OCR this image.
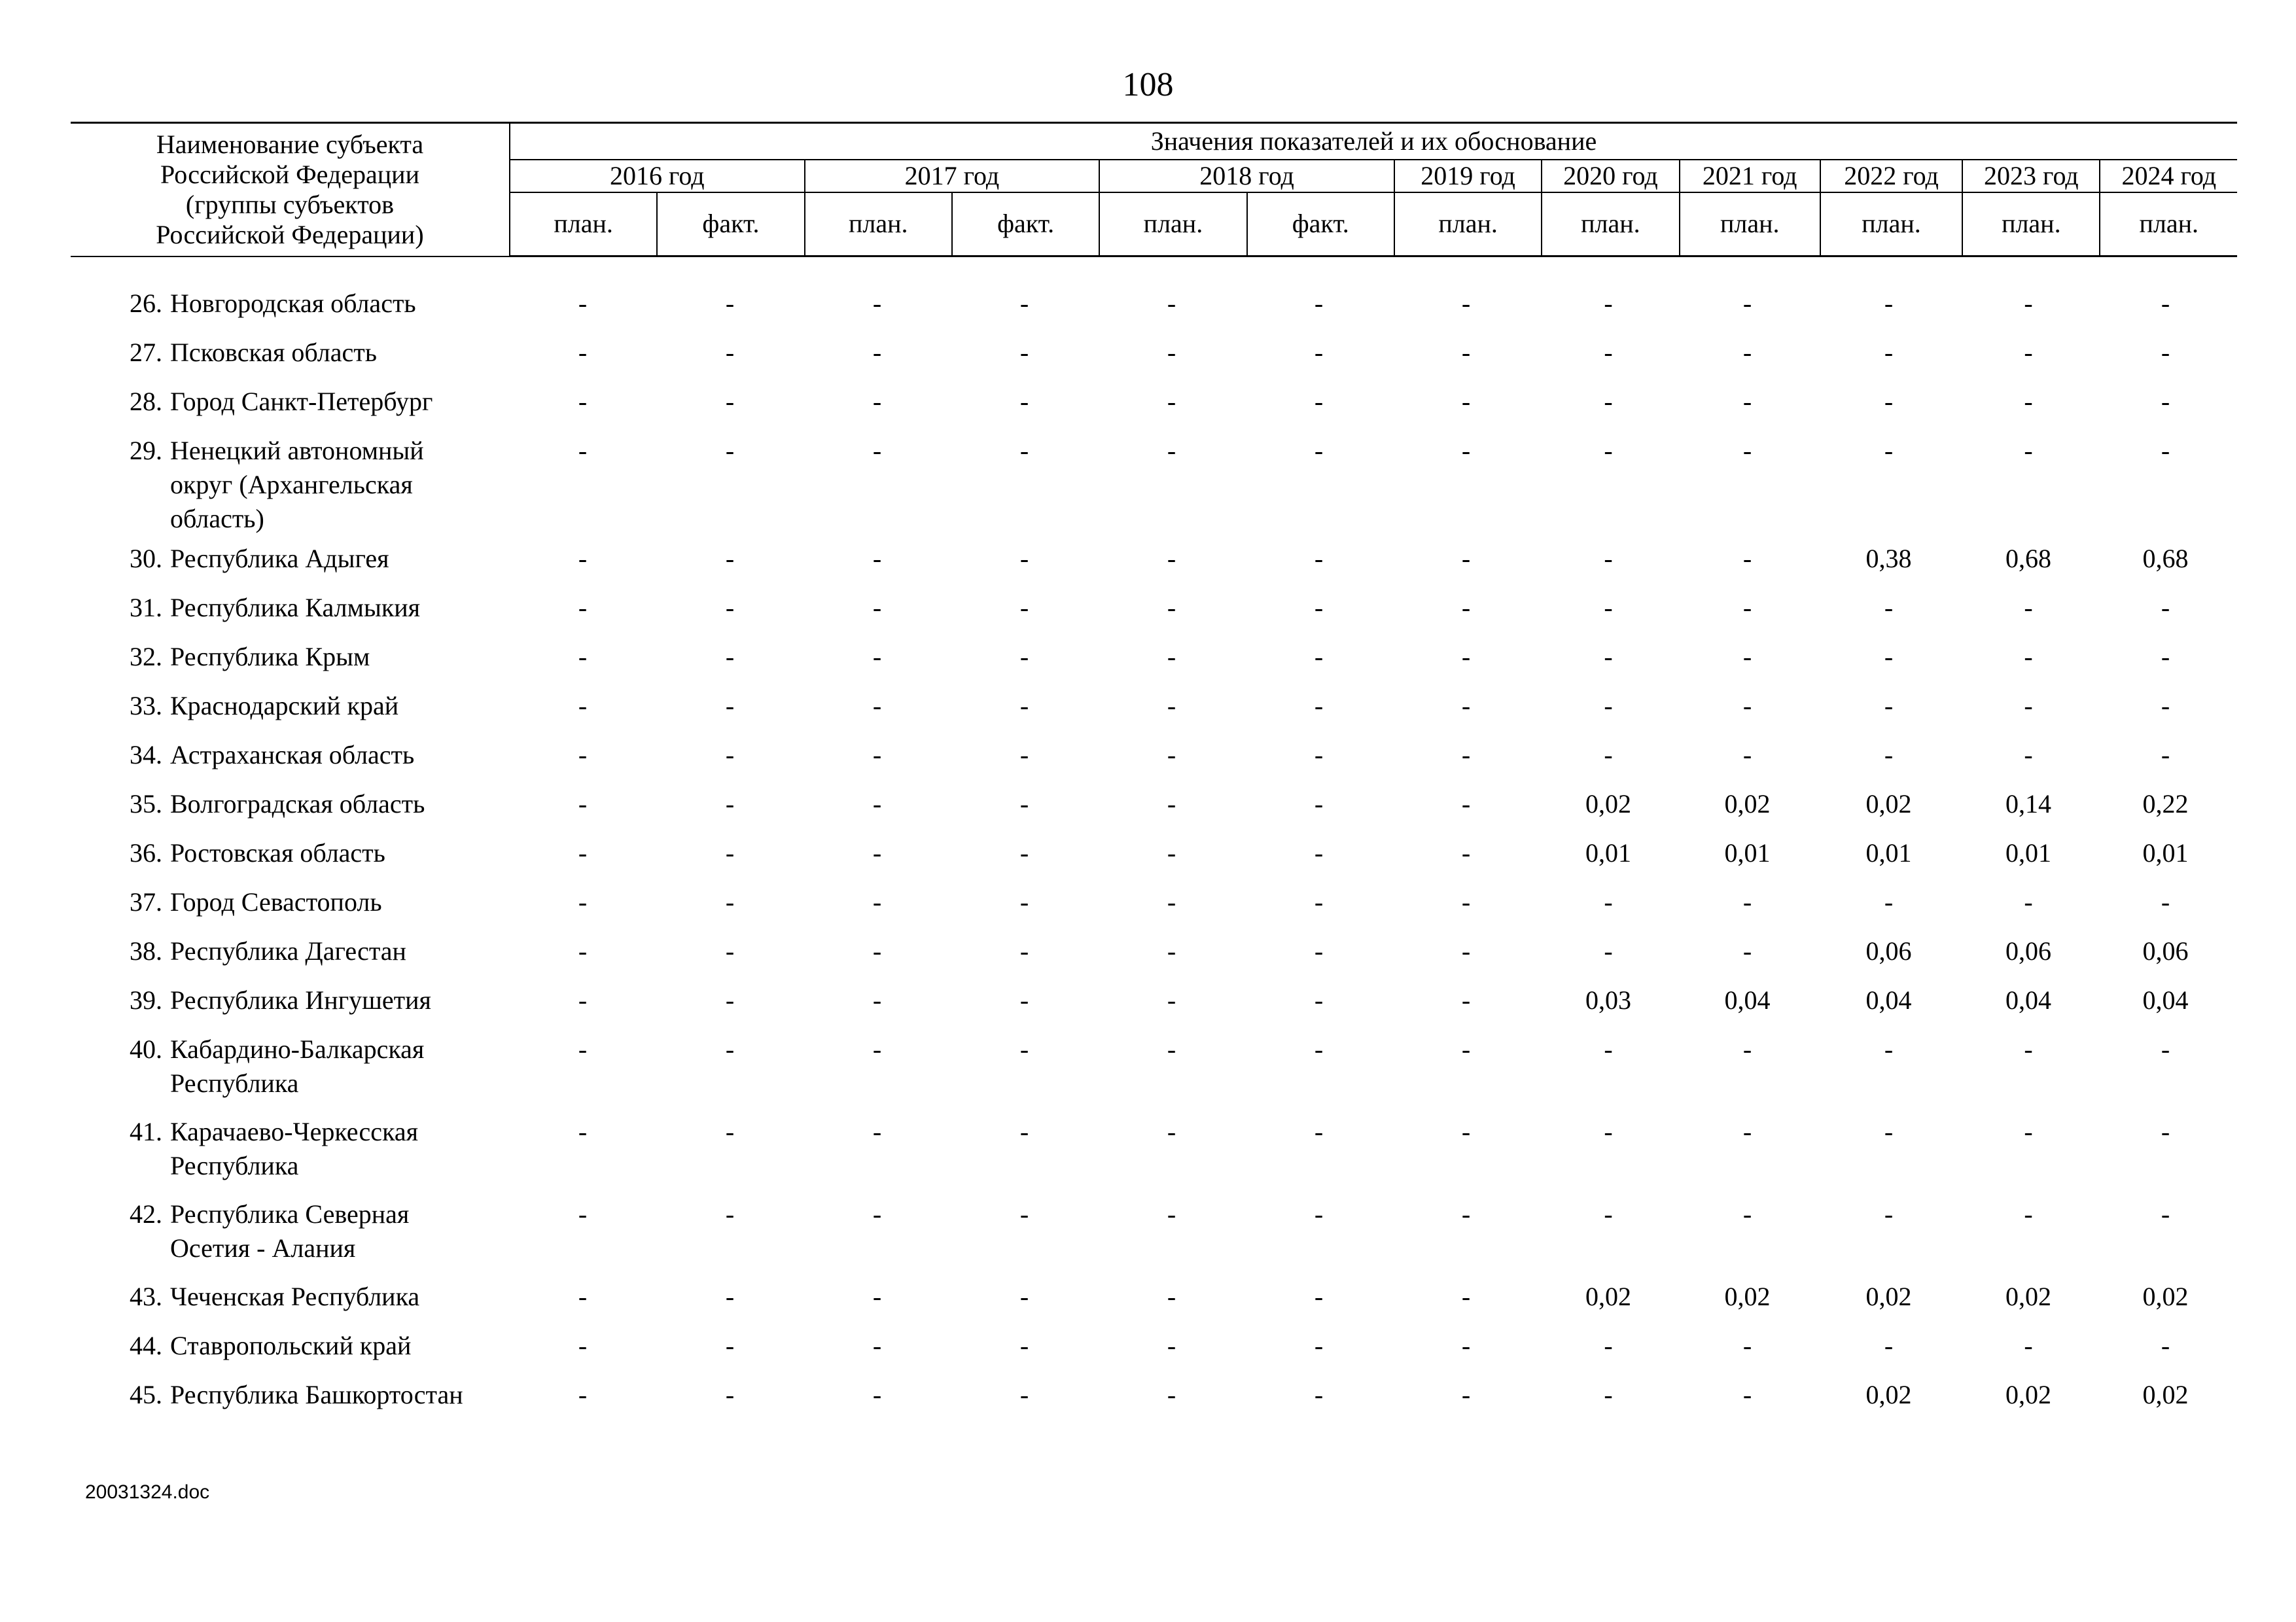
108
Наименование субъекта
Российской Федерации
(группы субъектов
Российской Федерации)	Значения показателей и их обоснование											
	2016 год		2017 год		2018 год		2019 год	2020 год	2021 год	2022 год	2023 год	2024 год
	план.	факт.	план.	факт.	план.	факт.	план.	план.	план.	план.	план.	план.
26. Новгородская область	-	-	-	-	-	-	-	-	-	-	-	-
27. Псковская область	-	-	-	-	-	-	-	-	-	-	-	-
28. Город Санкт-Петербург	-	-	-	-	-	-	-	-	-	-	-	-
29. Ненецкий автономный
округ (Архангельская
область)
-	-	-	-	-	-	-	-	-	-	-	-
30. Республика Адыгея	-	-	-	-	-	-	-	-	-	0,38	0,68	0,68
31. Республика Калмыкия	-	-	-	-	-	-	-	-	-	-	-	-
32. Республика Крым	-	-	-	-	-	-	-	-	-	-	-	-
33. Краснодарский край	-	-	-	-	-	-	-	-	-	-	-	-
34. Астраханская область	-	-	-	-	-	-	-	-	-	-	-	-
35. Волгоградская область	-	-	-	-	-	-	-	0,02	0,02	0,02	0,14	0,22
36. Ростовская область	-	-	-	-	-	-	-	0,01	0,01	0,01	0,01	0,01
37. Город Севастополь	-	-	-	-	-	-	-	-	-	-	-	-
38. Республика Дагестан	-	-	-	-	-	-	-	-	-	0,06	0,06	0,06
39. Республика Ингушетия	-	-	-	-	-	-	-	0,03	0,04	0,04	0,04	0,04
40. Кабардино-Балкарская
Республика
-	-	-	-	-	-	-	-	-	-	-	-
41. Карачаево-Черкесская
Республика
-	-	-	-	-	-	-	-	-	-	-	-
42. Республика Северная
Осетия - Алания
-	-	-	-	-	-	-	-	-	-	-	-
43. Чеченская Республика	-	-	-	-	-	-	-	0,02	0,02	0,02	0,02	0,02
44. Ставропольский край	-	-	-	-	-	-	-	-	-	-	-	-
45. Республика Башкортостан	-	-	-	-	-	-	-	-	-	0,02	0,02	0,02
20031324.doc
